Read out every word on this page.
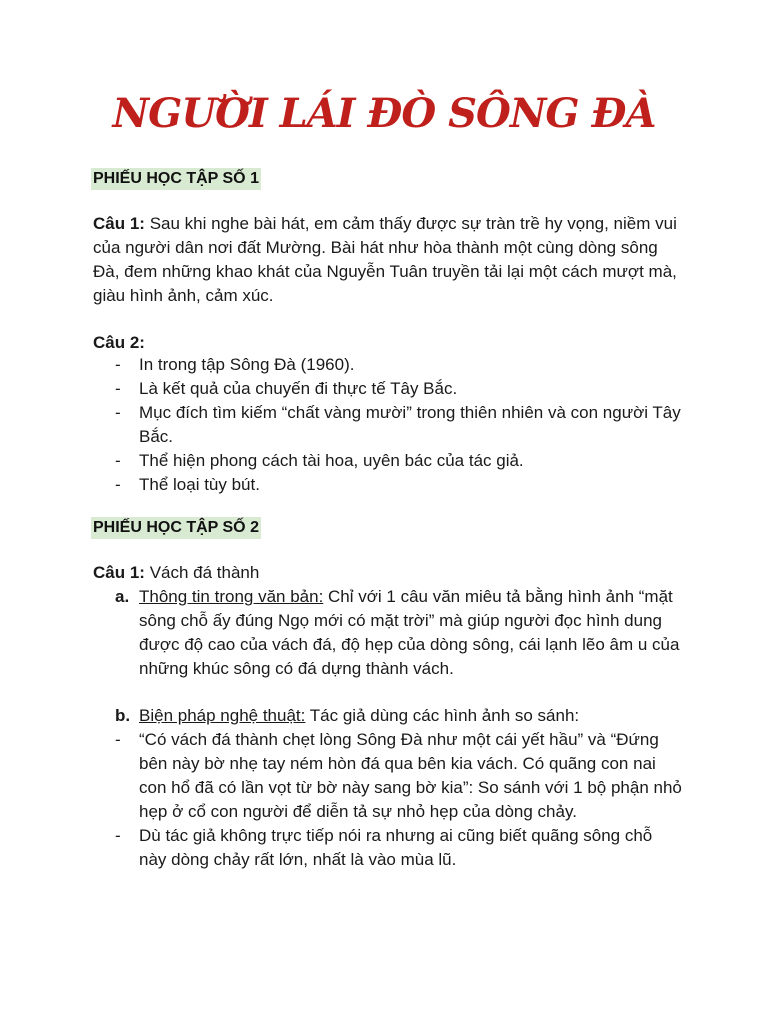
NGƯỜI LÁI ĐÒ SÔNG ĐÀ
PHIẾU HỌC TẬP SỐ 1

Câu 1: Sau khi nghe bài hát, em cảm thấy được sự tràn trề hy vọng, niềm vui của người dân nơi đất Mường. Bài hát như hòa thành một cùng dòng sông Đà, đem những khao khát của Nguyễn Tuân truyền tải lại một cách mượt mà, giàu hình ảnh, cảm xúc.

Câu 2:
- In trong tập Sông Đà (1960).
- Là kết quả của chuyến đi thực tế Tây Bắc.
- Mục đích tìm kiếm “chất vàng mười” trong thiên nhiên và con người Tây Bắc.
- Thể hiện phong cách tài hoa, uyên bác của tác giả.
- Thể loại tùy bút.
PHIẾU HỌC TẬP SỐ 2
Câu 1: Vách đá thành
a. Thông tin trong văn bản: Chỉ với 1 câu văn miêu tả bằng hình ảnh “mặt sông chỗ ấy đúng Ngọ mới có mặt trời” mà giúp người đọc hình dung được độ cao của vách đá, độ hẹp của dòng sông, cái lạnh lẽo âm u của những khúc sông có đá dựng thành vách.
b. Biện pháp nghệ thuật: Tác giả dùng các hình ảnh so sánh:
- “Có vách đá thành chẹt lòng Sông Đà như một cái yết hầu” và “Đứng bên này bờ nhẹ tay ném hòn đá qua bên kia vách. Có quãng con nai con hổ đã có lần vọt từ bờ này sang bờ kia”: So sánh với 1 bộ phận nhỏ hẹp ở cổ con người để diễn tả sự nhỏ hẹp của dòng chảy.
- Dù tác giả không trực tiếp nói ra nhưng ai cũng biết quãng sông chỗ này dòng chảy rất lớn, nhất là vào mùa lũ.
